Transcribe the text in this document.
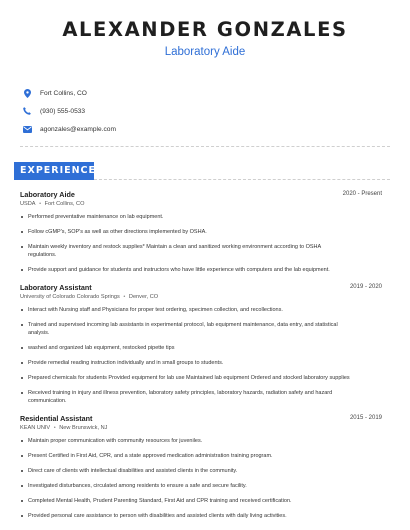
ALEXANDER GONZALES
Laboratory Aide
Fort Collins, CO
(930) 555-0533
agonzales@example.com
EXPERIENCE
Laboratory Aide	2020 - Present
USDA • Fort Collins, CO
Performed preventative maintenance on lab equipment.
Follow cGMP's, SOP's as well as other directions implemented by OSHA.
Maintain weekly inventory and restock supplies* Maintain a clean and sanitized working environment according to OSHA
regulations.
Provide support and guidance for students and instructors who have little experience with computers and the lab equipment.
Laboratory Assistant	2019 - 2020
University of Colorado Colorado Springs • Denver, CO
Interact with Nursing staff and Physicians for proper test ordering, specimen collection, and recollections.
Trained and supervised incoming lab assistants in experimental protocol, lab equipment maintenance, data entry, and statistical
analysis.
washed and organized lab equipment, restocked pipette tips
Provide remedial reading instruction individually and in small groups to students.
Prepared chemicals for students Provided equipment for lab use Maintained lab equipment Ordered and stocked laboratory supplies
Received training in injury and illness prevention, laboratory safety principles, laboratory hazards, radiation safety and hazard
communication.
Residential Assistant	2015 - 2019
KEAN UNIV • New Brunswick, NJ
Maintain proper communication with community resources for juveniles.
Present Certified in First Aid, CPR, and a state approved medication administration training program.
Direct care of clients with intellectual disabilities and assisted clients in the community.
Investigated disturbances, circulated among residents to ensure a safe and secure facility.
Completed Mental Health, Prudent Parenting Standard, First Aid and CPR training and received certification.
Provided personal care assistance to person with disabilities and assisted clients with daily living activities.
